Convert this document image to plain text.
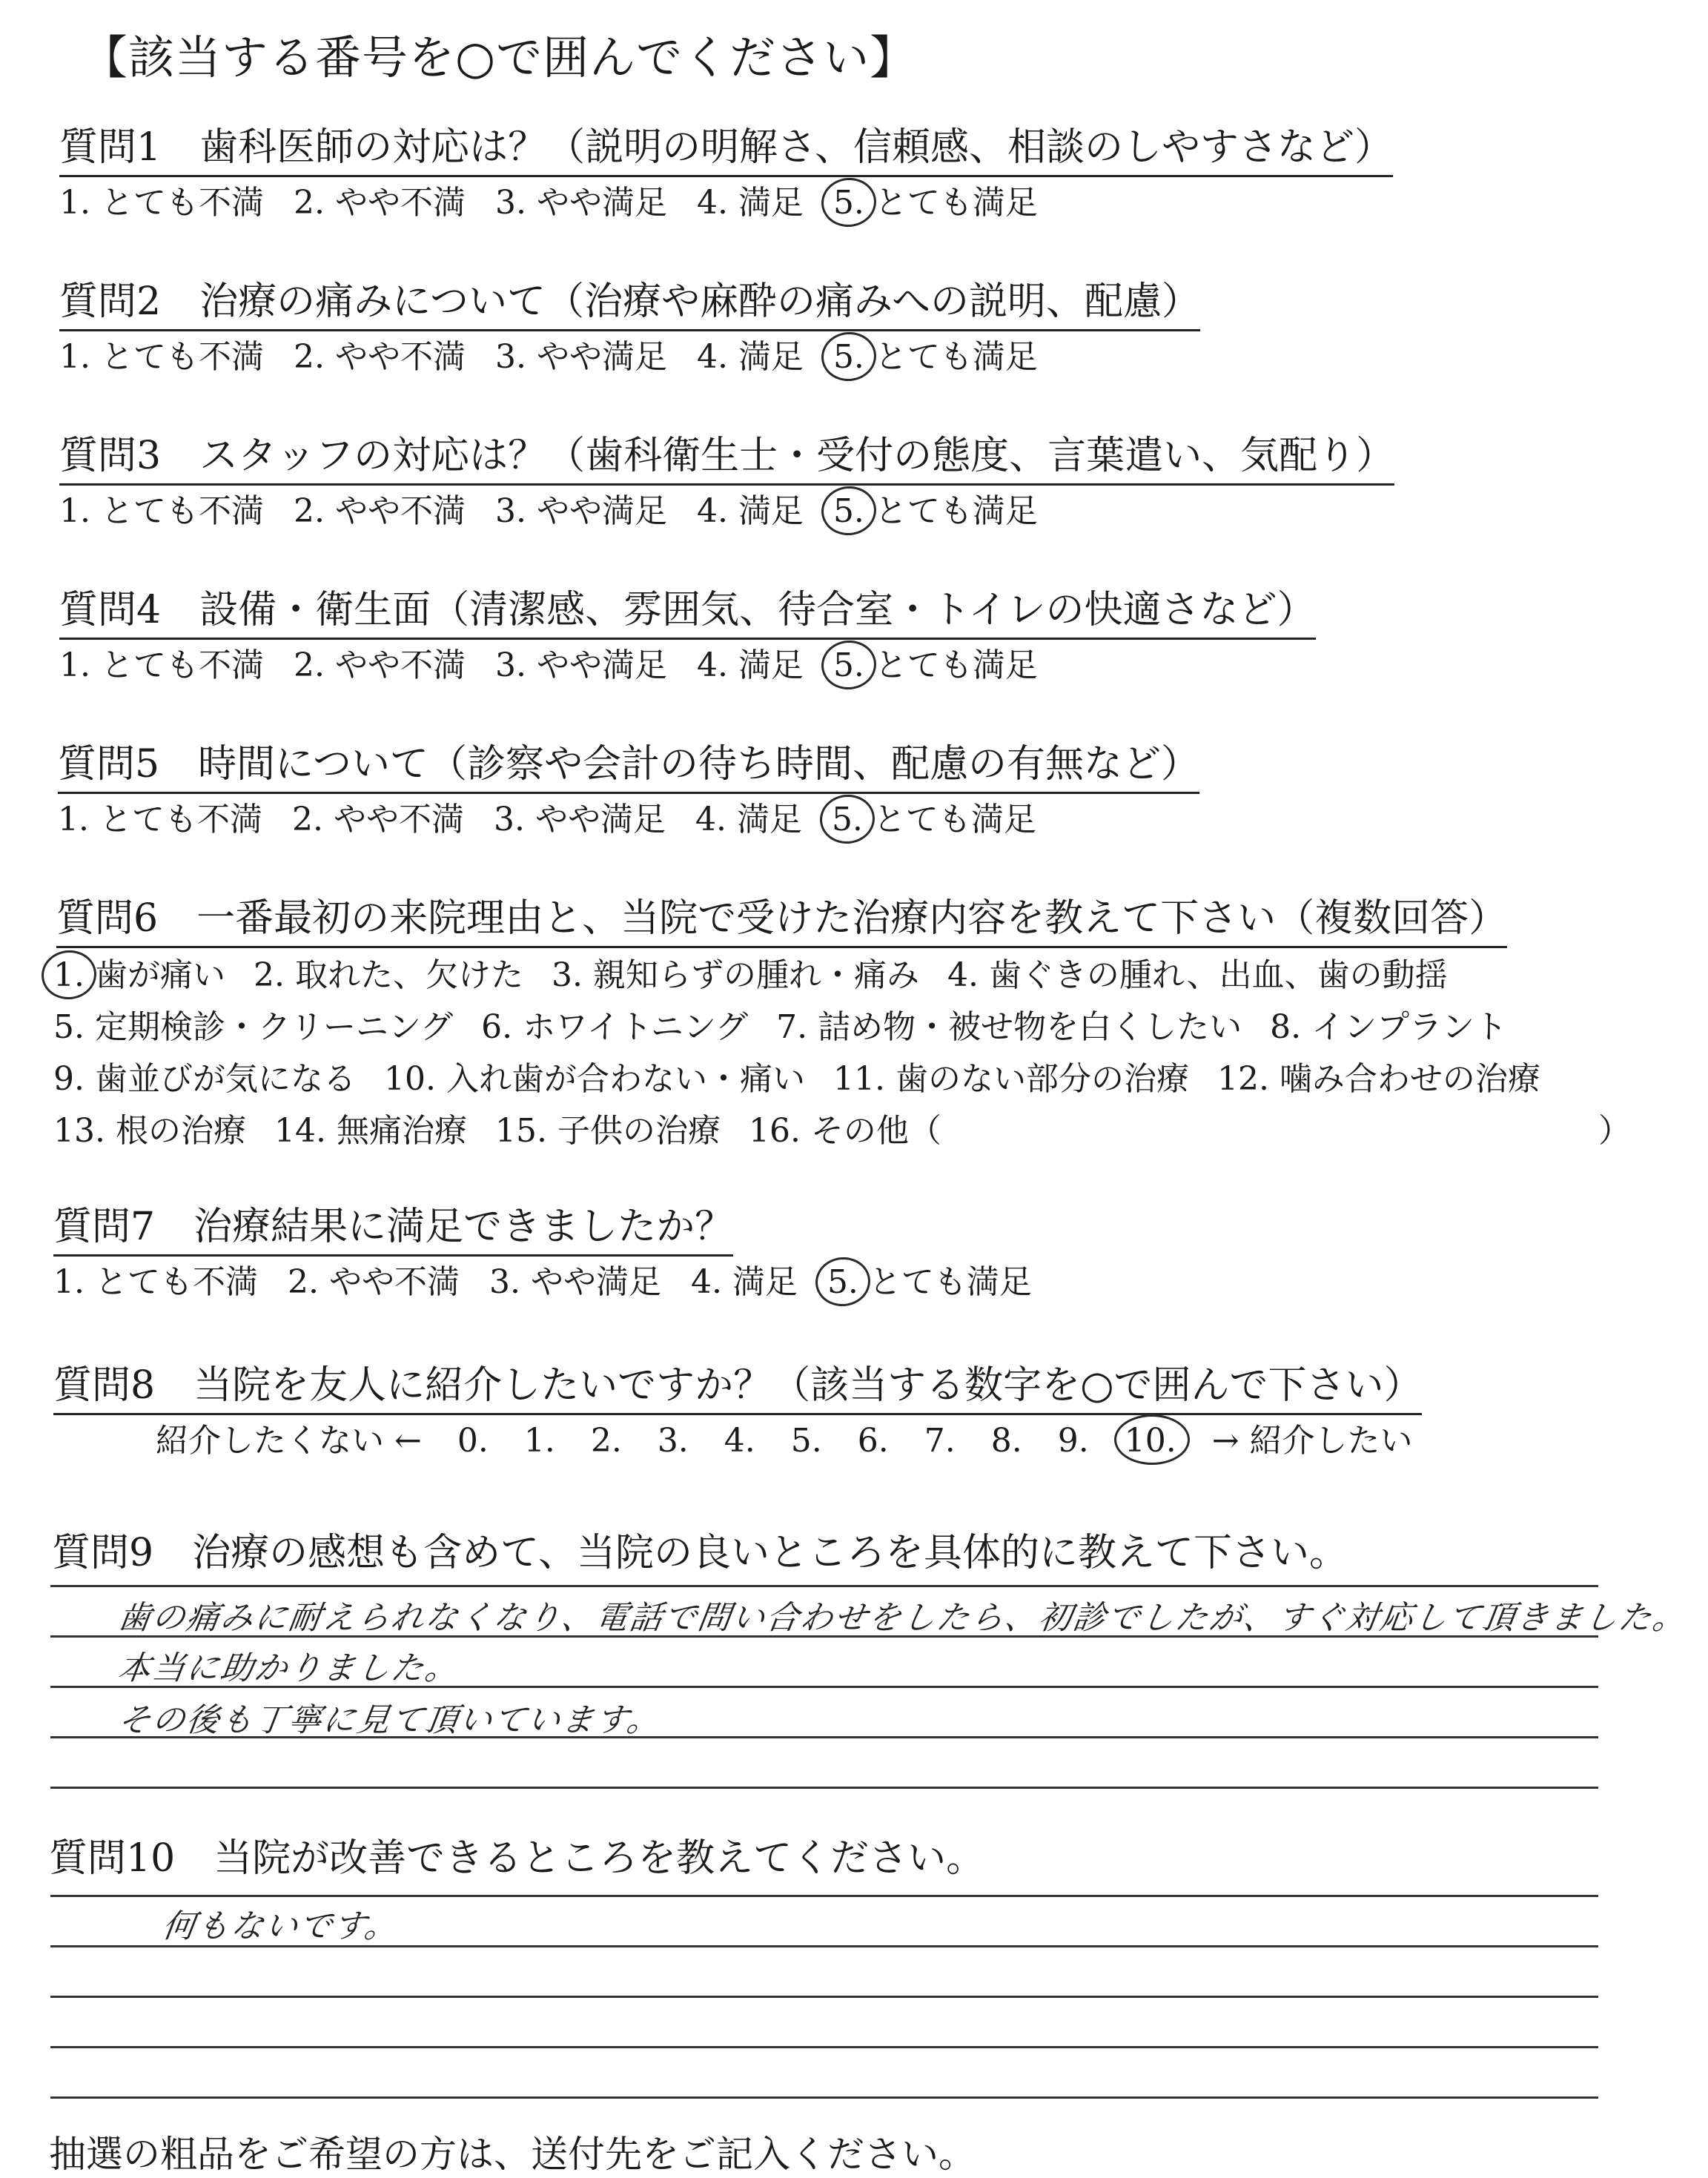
【該当する番号を○で囲んでください】
質問1　歯科医師の対応は？（説明の明解さ、信頼感、相談のしやすさなど）
1. とても不満 2. やや不満 3. やや満足 4. 満足 5. とても満足
質問2　治療の痛みについて（治療や麻酔の痛みへの説明、配慮）
1. とても不満 2. やや不満 3. やや満足 4. 満足 5. とても満足
質問3　スタッフの対応は？（歯科衛生士・受付の態度、言葉遣い、気配り）
1. とても不満 2. やや不満 3. やや満足 4. 満足 5. とても満足
質問4　設備・衛生面（清潔感、雰囲気、待合室・トイレの快適さなど）
1. とても不満 2. やや不満 3. やや満足 4. 満足 5. とても満足
質問5　時間について（診察や会計の待ち時間、配慮の有無など）
1. とても不満 2. やや不満 3. やや満足 4. 満足 5. とても満足
質問6　一番最初の来院理由と、当院で受けた治療内容を教えて下さい（複数回答）
1. 歯が痛い 2. 取れた、欠けた 3. 親知らずの腫れ・痛み 4. 歯ぐきの腫れ、出血、歯の動揺
5. 定期検診・クリーニング 6. ホワイトニング 7. 詰め物・被せ物を白くしたい 8. インプラント
9. 歯並びが気になる 10. 入れ歯が合わない・痛い 11. 歯のない部分の治療 12. 噛み合わせの治療
13. 根の治療 14. 無痛治療 15. 子供の治療 16. その他（	）
質問7　治療結果に満足できましたか？
1. とても不満 2. やや不満 3. やや満足 4. 満足 5. とても満足
質問8　当院を友人に紹介したいですか？（該当する数字を○で囲んで下さい）
紹介したくない ← 0. 1. 2. 3. 4. 5. 6. 7. 8. 9. 10. → 紹介したい
質問9　治療の感想も含めて、当院の良いところを具体的に教えて下さい。
歯の痛みに耐えられなくなり、電話で問い合わせをしたら、初診でしたが、すぐ対応して頂きました。
本当に助かりました。
その後も丁寧に見て頂いています。
質問10　当院が改善できるところを教えてください。
何もないです。
抽選の粗品をご希望の方は、送付先をご記入ください。
